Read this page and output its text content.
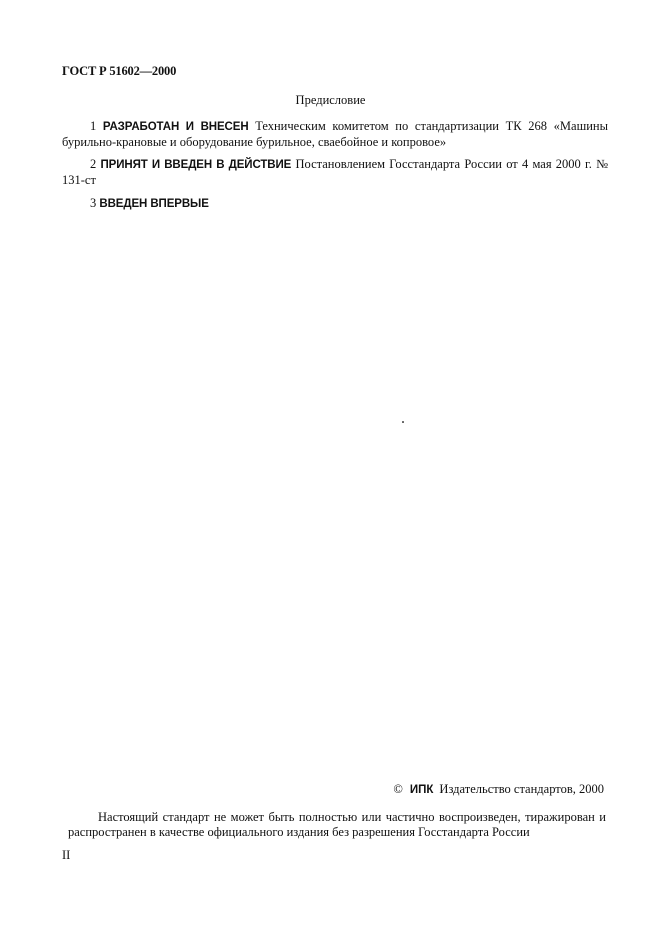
ГОСТ Р 51602—2000
Предисловие
1 РАЗРАБОТАН И ВНЕСЕН Техническим комитетом по стандартизации ТК 268 «Машины бурильно-крановые и оборудование бурильное, сваебойное и копровое»
2 ПРИНЯТ И ВВЕДЕН В ДЕЙСТВИЕ Постановлением Госстандарта России от 4 мая 2000 г. № 131-ст
3 ВВЕДЕН ВПЕРВЫЕ
© ИПК Издательство стандартов, 2000
Настоящий стандарт не может быть полностью или частично воспроизведен, тиражирован и распространен в качестве официального издания без разрешения Госстандарта России
II
